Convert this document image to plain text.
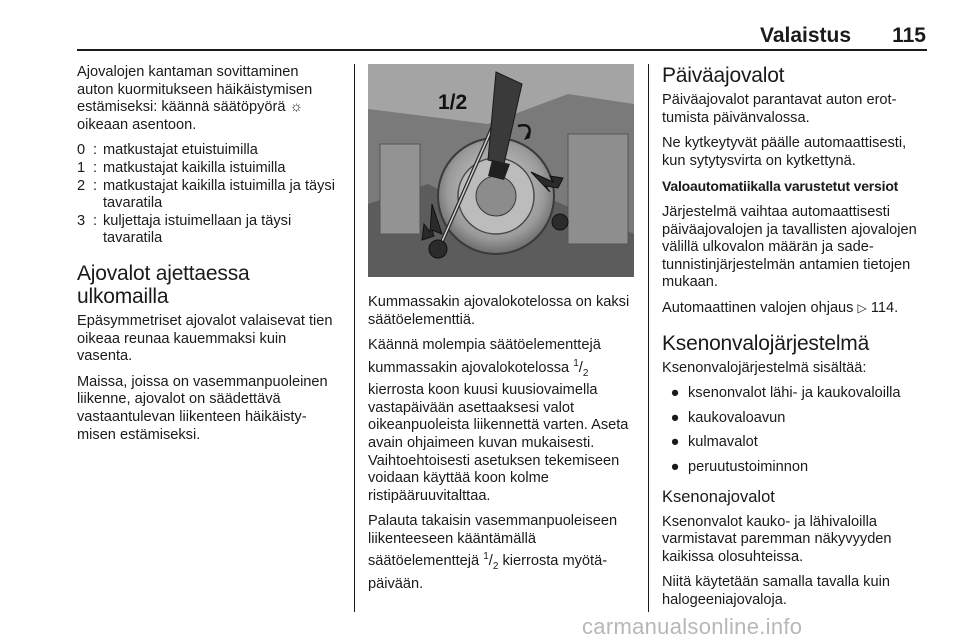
Valaistus	115

Ajovalojen kantaman sovittaminen auton kuormitukseen häikäistymisen estämiseksi: käännä säätöpyörä ☼ oikeaan asentoon.

0 : matkustajat etuistuimilla
1 : matkustajat kaikilla istuimilla
2 : matkustajat kaikilla istuimilla ja täysi tavaratila
3 : kuljettaja istuimellaan ja täysi tavaratila
Ajovalot ajettaessa ulkomailla

Epäsymmetriset ajovalot valaisevat tien oikeaa reunaa kauemmaksi kuin vasenta.

Maissa, joissa on vasemmanpuoleinen liikenne, ajovalot on säädettävä vastaantulevan liikenteen häikäistymisen estämiseksi.

1/2

Kummassakin ajovalokotelossa on kaksi säätöelementtiä.

Käännä molempia säätöelementtejä kummassakin ajovalokotelossa $^1/_2$ kierrosta koon kuusi kuusiovaimella vastapäivään asettaaksesi valot oikeanpuoleista liikennettä varten. Aseta avain ohjaimeen kuvan mukaisesti. Vaihtoehtoisesti asetuksen tekemiseen voidaan käyttää koon kolme ristipääruuvitalttaa.

Palauta takaisin vasemmanpuoleiseen liikenteeseen kääntämällä säätöelementtejä $^1/_2$ kierrosta myötäpäivään.

Päiväajovalot

Päiväajovalot parantavat auton erottumista päivänvalossa.

Ne kytkeytyvät päälle automaattisesti, kun sytytysvirta on kytkettynä.

Valoautomatiikalla varustetut versiot

Järjestelmä vaihtaa automaattisesti päiväajovalojen ja tavallisten ajovalojen välillä ulkovalon määrän ja sadetunnistinjärjestelmän antamien tietojen mukaan.

Automaattinen valojen ohjaus ▷ 114.

Ksenonvalojärjestelmä

Ksenonvalojärjestelmä sisältää:

● ksenonvalot lähi- ja kaukovaloilla
● kaukovaloavun
● kulmavalot
● peruutustoiminnon
Ksenonajovalot

Ksenonvalot kauko- ja lähivaloilla varmistavat paremman näkyvyyden kaikissa olosuhteissa.

Niitä käytetään samalla tavalla kuin halogeeniajovaloja.

carmanualsonline.info
